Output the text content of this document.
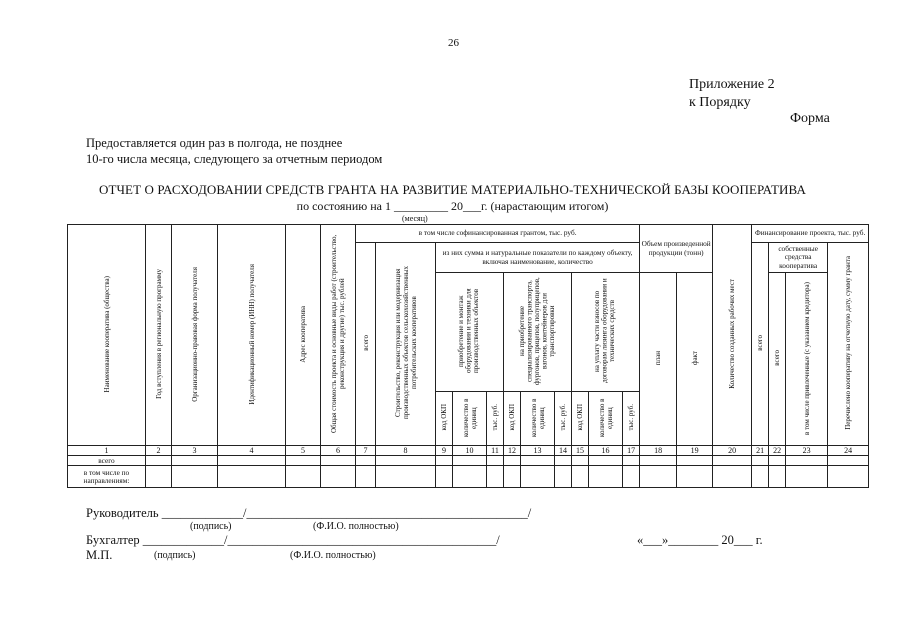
26
Приложение 2
к Порядку
Форма
Предоставляется один раз в полгода, не позднее
10-го числа месяца, следующего за отчетным периодом
ОТЧЕТ О РАСХОДОВАНИИ СРЕДСТВ ГРАНТА НА РАЗВИТИЕ МАТЕРИАЛЬНО-ТЕХНИЧЕСКОЙ БАЗЫ КООПЕРАТИВА
по состоянию на 1 _________ 20___г. (нарастающим итогом)
(месяц)
Наименование кооператива (общества)	Год вступления в региональную программу	Организационно-правовая форма получателя	Идентификационный номер (ИНН) получателя	Адрес кооператива	Общая стоимость проекта и основные виды работ (строительство, реконструкция и другие) тыс. рублей	в том числе софинансированная грантом, тыс. руб.											Объем произведенной продукции (тонн)		Количество созданных рабочих мест	Финансирование проекта, тыс. руб.			
						всего	Строительство, реконструкция или модернизация производственных объектов сельскохозяйственных потребительских кооперативов	из них сумма и натуральные показатели по каждому объекту, включая наименование, количество												всего	собственные средства кооператива		Перечислено кооперативу на отчетную дату, сумму гранта
								приобретение и монтаж оборудования и техники для производственных объектов			на приобретение специализированного транспорта, фургонов, прицепов, полуприцепов, вагонов, контейнеров для транспортировки			на уплату части взносов по договорам лизинга оборудования и технических средств			план	факт			всего	в том числе привлеченные (с указанием кредитора)	
								код ОКП	количество в единиц	тыс. руб.	код ОКП	количество в единиц	тыс. руб.	код ОКП	количество в единиц	тыс. руб.							
1	2	3	4	5	6	7	8	9	10	11	12	13	14	15	16	17	18	19	20	21	22	23	24
всего																							
в том числе по направлениям:																							
Руководитель _____________/_____________________________________________/
(подпись)	(Ф.И.О. полностью)
Бухгалтер _____________/___________________________________________/
М.П.	(подпись)	(Ф.И.О. полностью)
«___»________ 20___ г.
